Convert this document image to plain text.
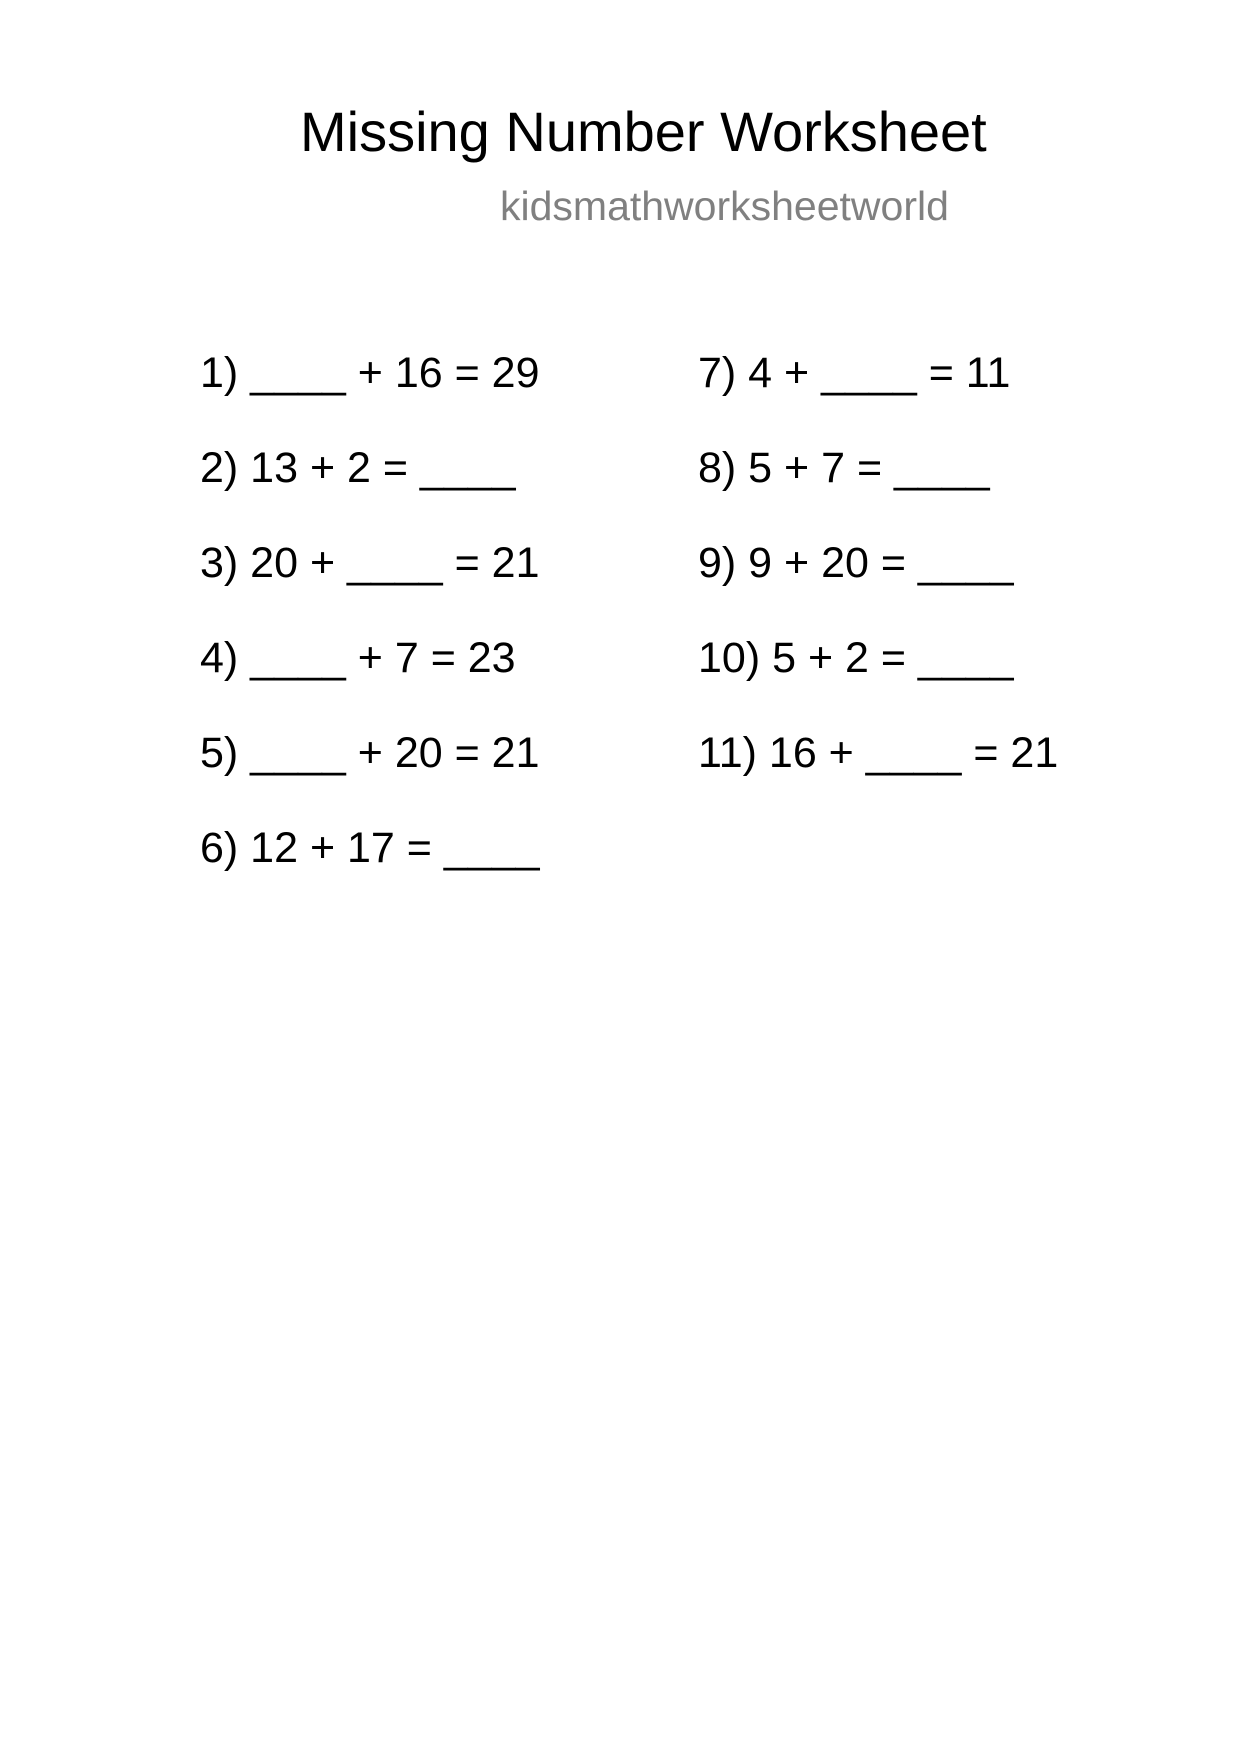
Missing Number Worksheet
kidsmathworksheetworld
1) ____ + 16 = 29
2) 13 + 2 = ____
3) 20 + ____ = 21
4) ____ + 7 = 23
5) ____ + 20 = 21
6) 12 + 17 = ____
7) 4 + ____ = 11
8) 5 + 7 = ____
9) 9 + 20 = ____
10) 5 + 2 = ____
11) 16 + ____ = 21
